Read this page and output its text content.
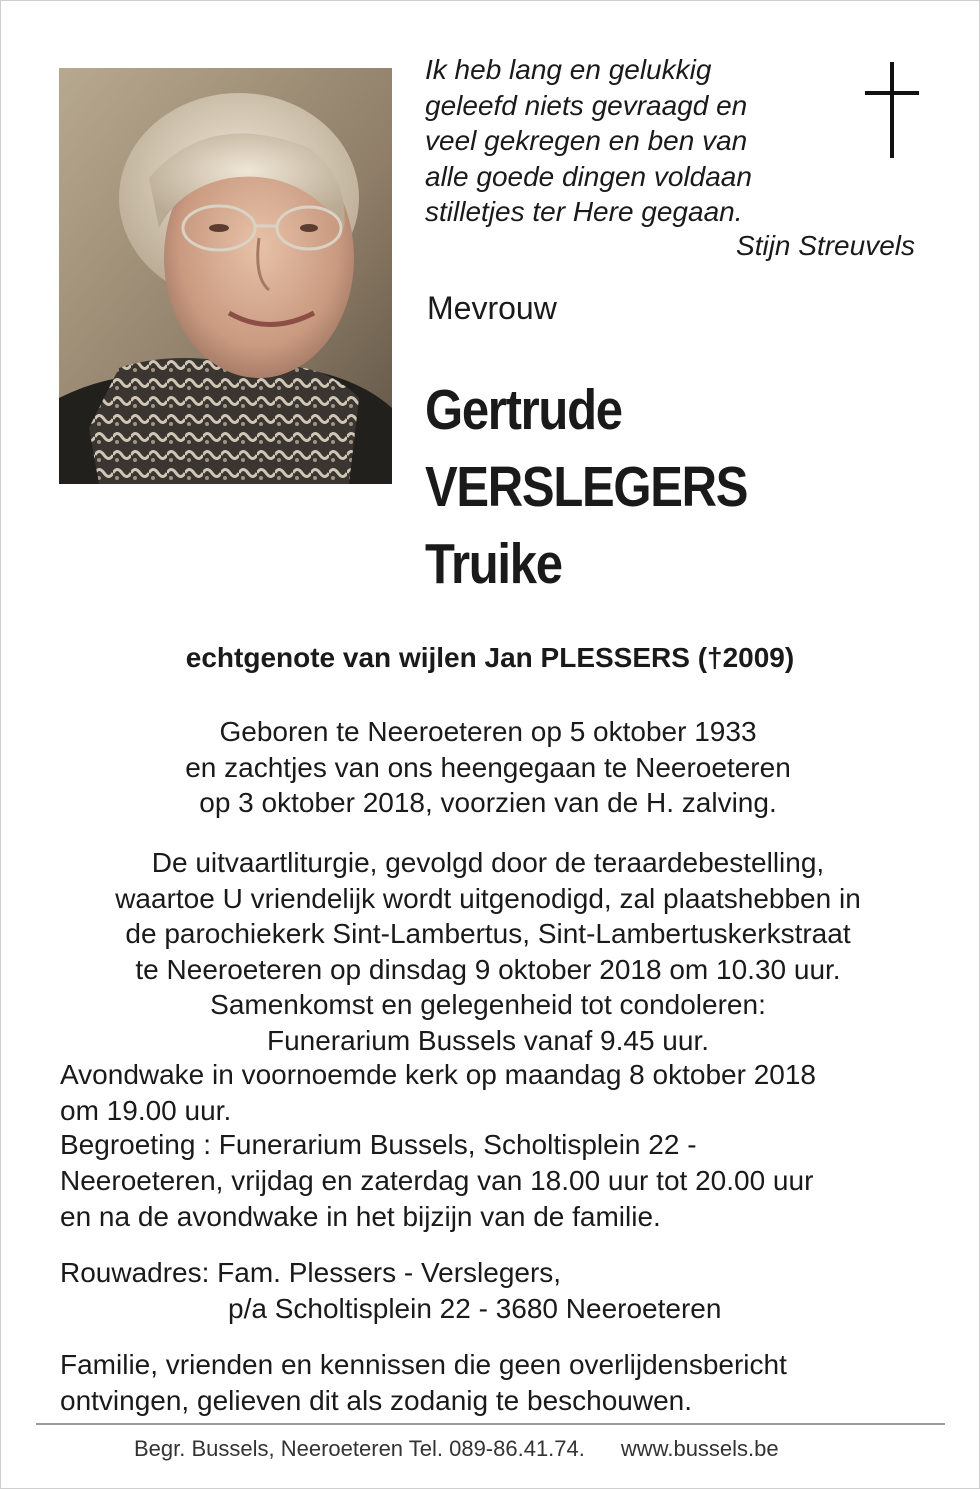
Ik heb lang en gelukkig
geleefd niets gevraagd en
veel gekregen en ben van
alle goede dingen voldaan
stilletjes ter Here gegaan.
Stijn Streuvels
Mevrouw
Gertrude
VERSLEGERS
Truike
echtgenote van wijlen Jan PLESSERS (†2009)
Geboren te Neeroeteren op 5 oktober 1933
en zachtjes van ons heengegaan te Neeroeteren
op 3 oktober 2018, voorzien van de H. zalving.
De uitvaartliturgie, gevolgd door de teraardebestelling,
waartoe U vriendelijk wordt uitgenodigd, zal plaatshebben in
de parochiekerk Sint-Lambertus, Sint-Lambertuskerkstraat
te Neeroeteren op dinsdag 9 oktober 2018 om 10.30 uur.
Samenkomst en gelegenheid tot condoleren:
Funerarium Bussels vanaf 9.45 uur.
Avondwake in voornoemde kerk op maandag 8 oktober 2018
om 19.00 uur.
Begroeting : Funerarium Bussels, Scholtisplein 22 -
Neeroeteren, vrijdag en zaterdag van 18.00 uur tot 20.00 uur
en na de avondwake in het bijzijn van de familie.
Rouwadres: Fam. Plessers - Verslegers,
p/a Scholtisplein 22 - 3680 Neeroeteren
Familie, vrienden en kennissen die geen overlijdensbericht
ontvingen, gelieven dit als zodanig te beschouwen.
Begr. Bussels, Neeroeteren Tel. 089-86.41.74. www.bussels.be
